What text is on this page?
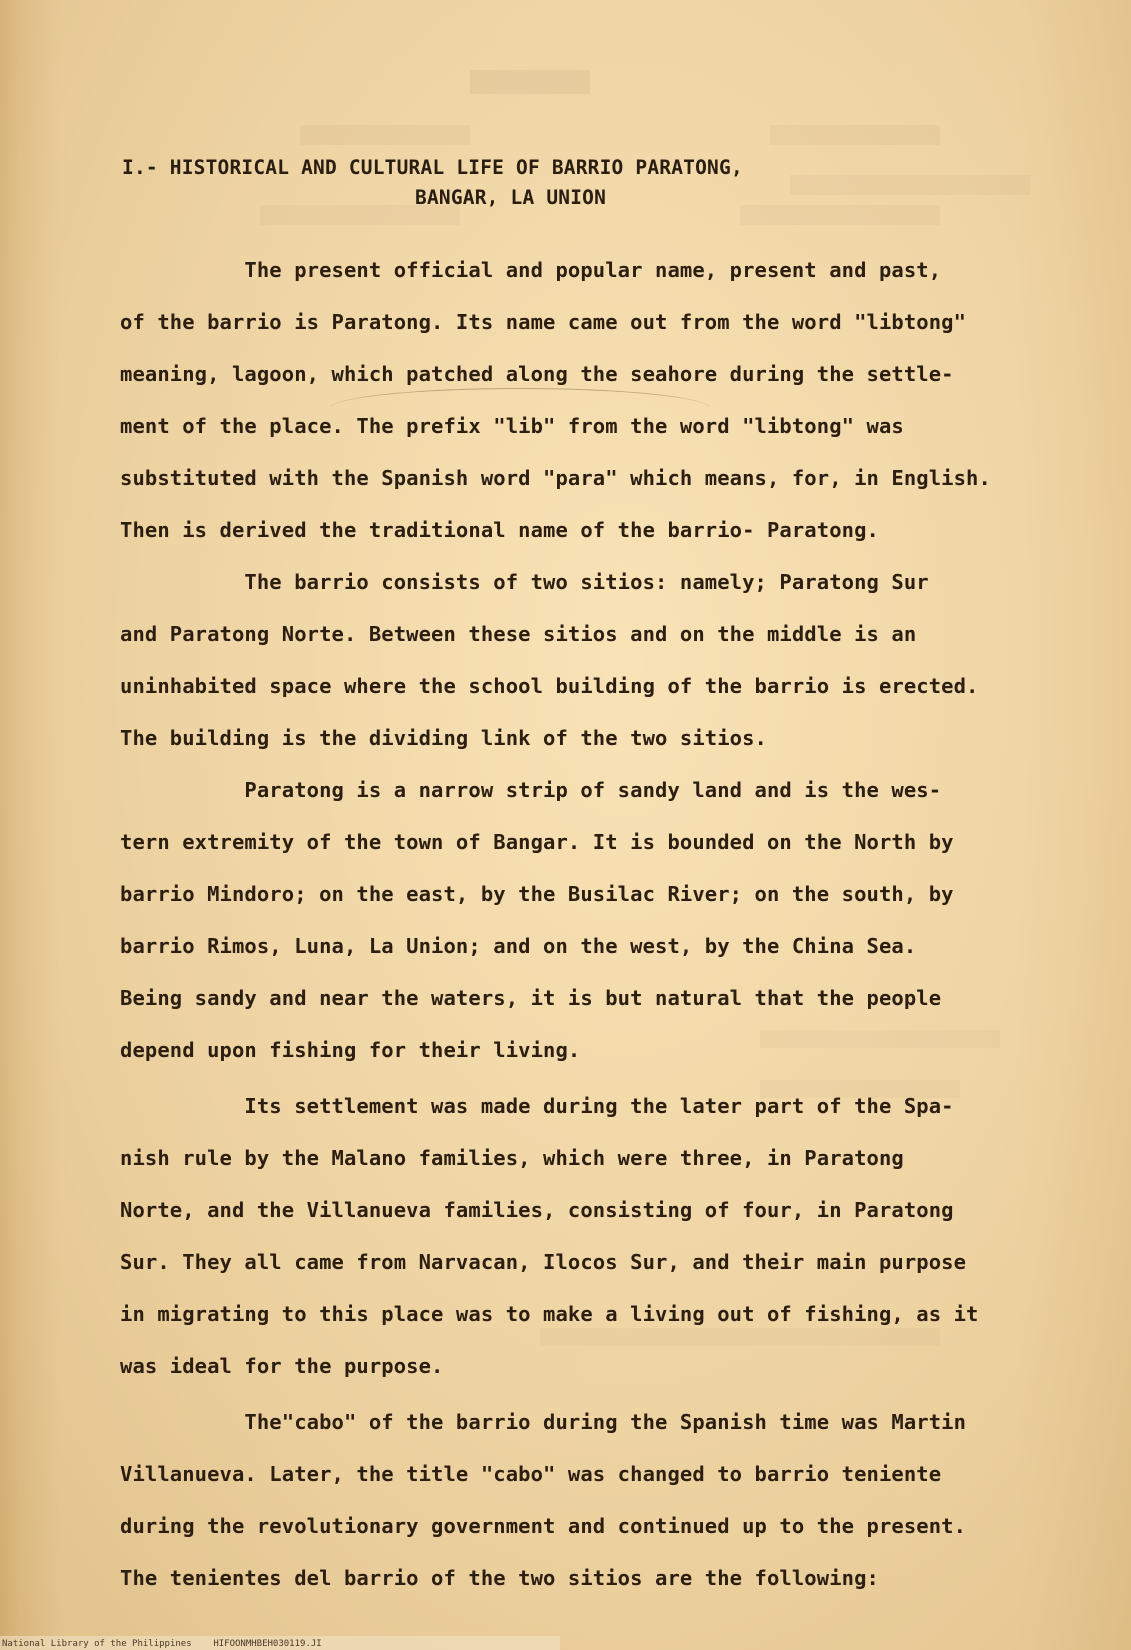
I.- HISTORICAL AND CULTURAL LIFE OF BARRIO PARATONG,
BANGAR, LA UNION
The present official and popular name, present and past,
of the barrio is Paratong. Its name came out from the word "libtong"
meaning, lagoon, which patched along the seahore during the settle-
ment of the place. The prefix "lib" from the word "libtong" was
substituted with the Spanish word "para" which means, for, in English.
Then is derived the traditional name of the barrio- Paratong.
The barrio consists of two sitios: namely; Paratong Sur
and Paratong Norte. Between these sitios and on the middle is an
uninhabited space where the school building of the barrio is erected.
The building is the dividing link of the two sitios.
Paratong is a narrow strip of sandy land and is the wes-
tern extremity of the town of Bangar. It is bounded on the North by
barrio Mindoro; on the east, by the Busilac River; on the south, by
barrio Rimos, Luna, La Union; and on the west, by the China Sea.
Being sandy and near the waters, it is but natural that the people
depend upon fishing for their living.
Its settlement was made during the later part of the Spa-
nish rule by the Malano families, which were three, in Paratong
Norte, and the Villanueva families, consisting of four, in Paratong
Sur. They all came from Narvacan, Ilocos Sur, and their main purpose
in migrating to this place was to make a living out of fishing, as it
was ideal for the purpose.
The"cabo" of the barrio during the Spanish time was Martin
Villanueva. Later, the title "cabo" was changed to barrio teniente
during the revolutionary government and continued up to the present.
The tenientes del barrio of the two sitios are the following:
National Library of the Philippines    HIFOONMHBEH030119.JI
